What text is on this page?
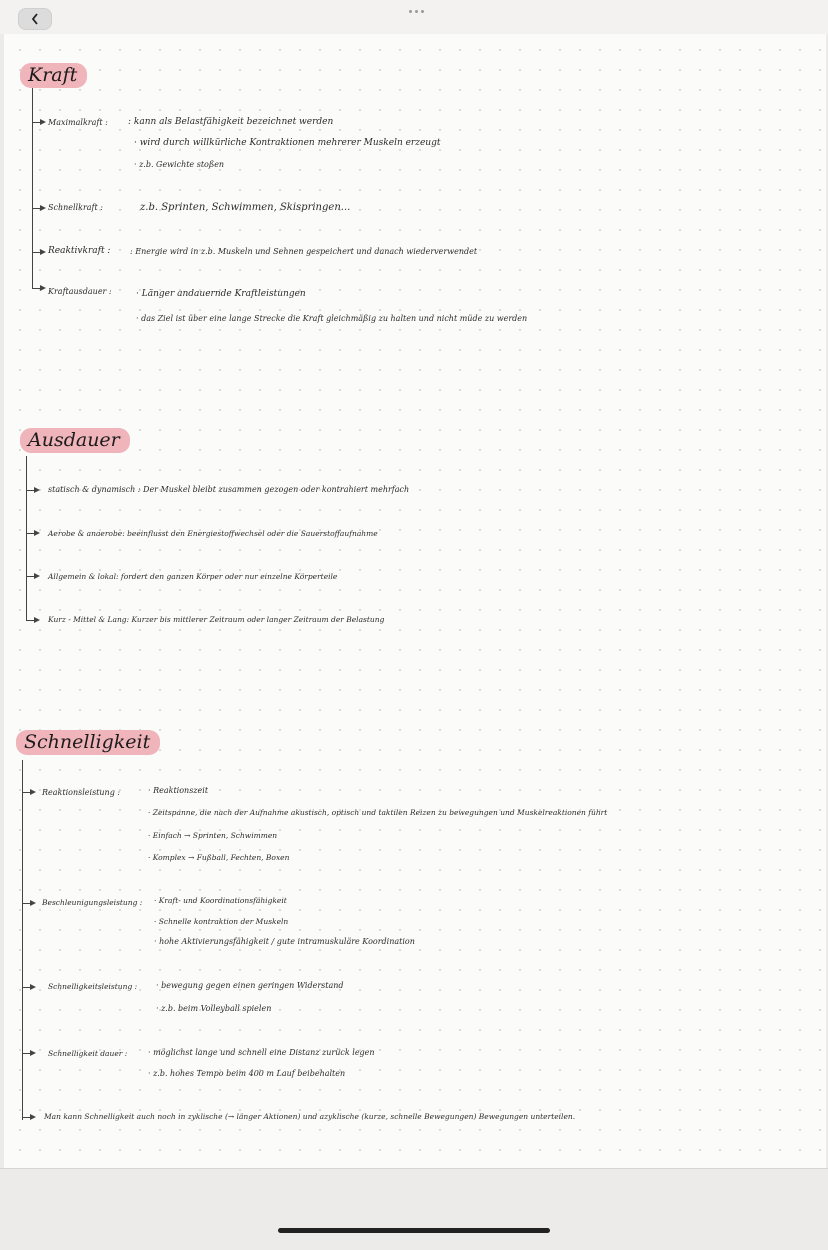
Kraft
Maximalkraft : : kann als Belastfähigkeit bezeichnet werden
· wird durch willkürliche Kontraktionen mehrerer Muskeln erzeugt
· z.b. Gewichte stoßen
Schnellkraft :	z.b. Sprinten, Schwimmen, Skispringen...
Reaktivkraft : : Energie wird in z.b. Muskeln und Sehnen gespeichert und danach wiederverwendet
Kraftausdauer :	· Länger andauernde Kraftleistungen
· das Ziel ist über eine lange Strecke die Kraft gleichmäßig zu halten und nicht müde zu werden
Ausdauer
statisch & dynamisch : Der Muskel bleibt zusammen gezogen oder kontrahiert mehrfach
Aerobe & anaerobe: beeinflusst den Energiestoffwechsel oder die Sauerstoffaufnahme
Allgemein & lokal: fordert den ganzen Körper oder nur einzelne Körperteile
Kurz - Mittel & Lang: Kurzer bis mittlerer Zeitraum oder langer Zeitraum der Belastung
Schnelligkeit
Reaktionsleistung :	· Reaktionszeit
· Zeitspanne, die nach der Aufnahme akustisch, optisch und taktilen Reizen zu bewegungen und Muskelreaktionen führt
· Einfach → Sprinten, Schwimmen
· Komplex → Fußball, Fechten, Boxen
Beschleunigungsleistung : · Kraft- und Koordinationsfähigkeit
· Schnelle kontraktion der Muskeln
· hohe Aktivierungsfähigkeit / gute intramuskuläre Koordination
Schnelligkeitsleistung : · bewegung gegen einen geringen Widerstand
· z.b. beim Volleyball spielen
Schnelligkeit dauer :	· möglichst lange und schnell eine Distanz zurück legen
· z.b. hohes Tempo beim 400 m Lauf beibehalten
Man kann Schnelligkeit auch noch in zyklische (→ länger Aktionen) und azyklische (kurze, schnelle Bewegungen) Bewegungen unterteilen.
